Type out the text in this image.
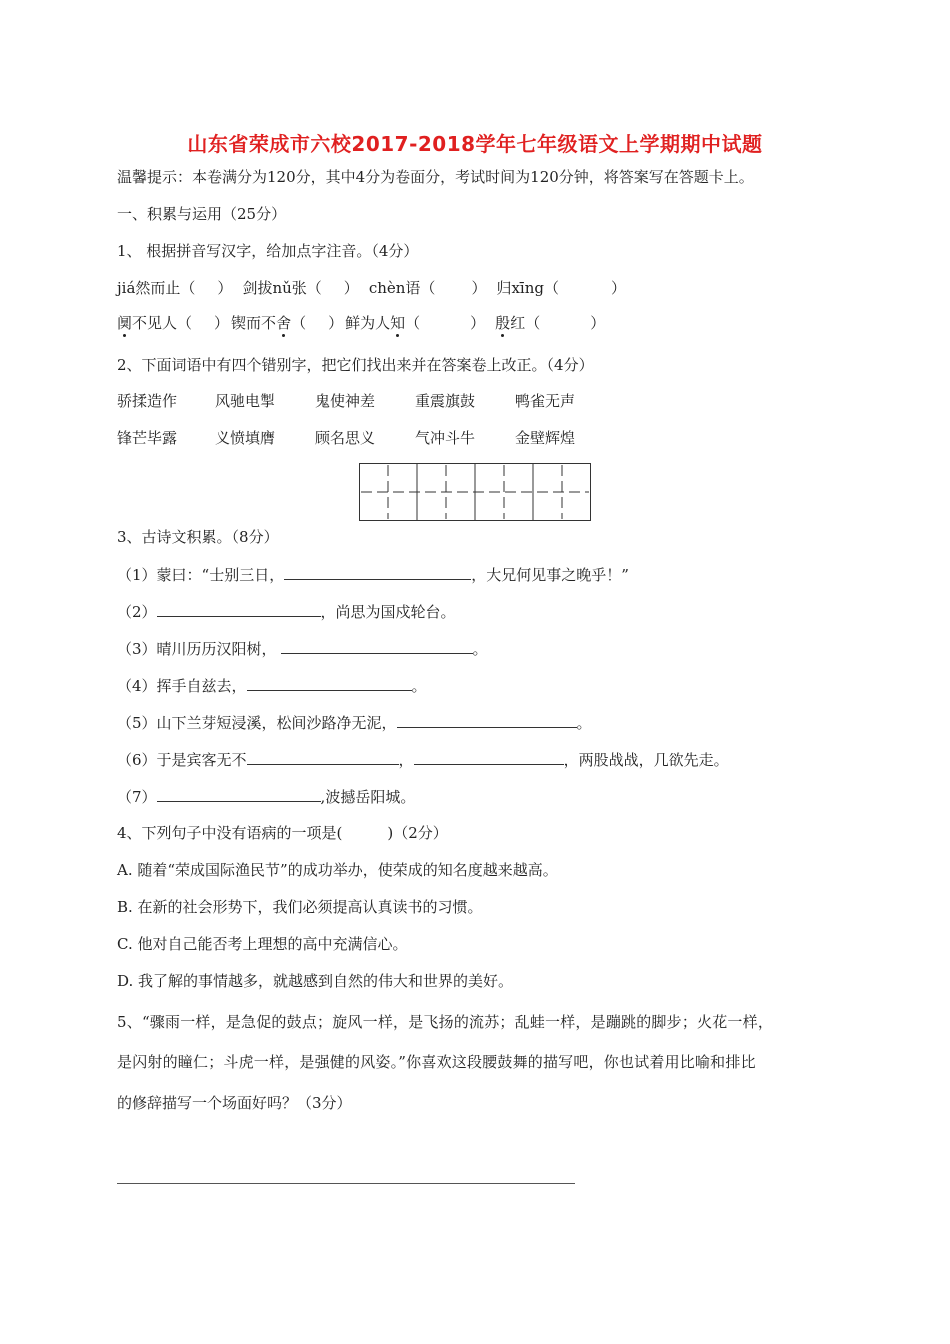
山东省荣成市六校2017-2018学年七年级语文上学期期中试题
温馨提示：本卷满分为120分，其中4分为卷面分，考试时间为120分钟，将答案写在答题卡上。
一、积累与运用（25分）
1、 根据拼音写汉字，给加点字注音。（4分）
jiá然而止（ ） 剑拔nǔ张（ ） chèn语（ ） 归xīng（	）
阒不见人（ ） 锲而不舍（ ） 鲜为人知（	） 殷红（	）
2、下面词语中有四个错别字，把它们找出来并在答案卷上改正。（4分）
骄揉造作	风驰电掣	鬼使神差	重震旗鼓	鸭雀无声
锋芒毕露	义愤填膺	顾名思义	气冲斗牛	金壁辉煌
3、古诗文积累。（8分）
（1）蒙曰：“士别三日，	，大兄何见事之晚乎！”
（2）	，尚思为国戍轮台。
（3）晴川历历汉阳树，	。
（4）挥手自兹去，	。
（5）山下兰芽短浸溪，松间沙路净无泥，	。
（6）于是宾客无不	，	，两股战战，几欲先走。
（7）	,波撼岳阳城。
4、下列句子中没有语病的一项是(　　　)（2分）
A. 随着“荣成国际渔民节”的成功举办，使荣成的知名度越来越高。
B. 在新的社会形势下，我们必须提高认真读书的习惯。
C. 他对自己能否考上理想的高中充满信心。
D. 我了解的事情越多，就越感到自然的伟大和世界的美好。
5、“骤雨一样，是急促的鼓点；旋风一样，是飞扬的流苏；乱蛙一样，是蹦跳的脚步；火花一样，
是闪射的瞳仁；斗虎一样，是强健的风姿。”你喜欢这段腰鼓舞的描写吧，你也试着用比喻和排比
的修辞描写一个场面好吗？（3分）
